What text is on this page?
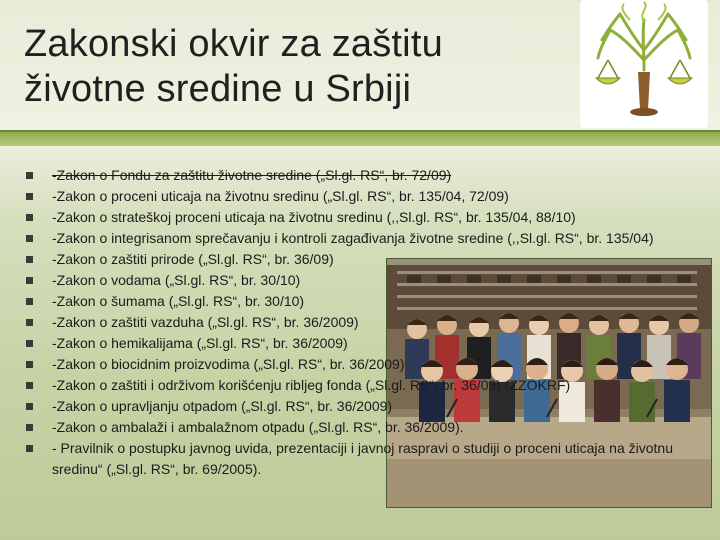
Zakonski okvir za zaštitu životne sredine u Srbiji
-Zakon o Fondu za zaštitu životne sredine („Sl.gl. RS“, br. 72/09)
-Zakon o proceni uticaja na životnu sredinu („Sl.gl. RS“, br. 135/04, 72/09)
-Zakon o strateškoj proceni uticaja na životnu sredinu (,,Sl.gl. RS“, br. 135/04, 88/10)
-Zakon o integrisanom sprečavanju i kontroli zagađivanja životne sredine (,,Sl.gl. RS“, br. 135/04)
-Zakon o zaštiti prirode („Sl.gl. RS“, br. 36/09)
-Zakon o vodama („Sl.gl. RS“, br. 30/10)
-Zakon o šumama („Sl.gl. RS“, br. 30/10)
-Zakon o zaštiti vazduha („Sl.gl. RS“, br. 36/2009)
-Zakon o hemikalijama („Sl.gl. RS“, br. 36/2009)
-Zakon o biocidnim proizvodima („Sl.gl. RS“, br. 36/2009)
-Zakon o zaštiti i održivom korišćenju ribljeg fonda („Sl.gl. RS“, br. 36/09) (ZZOKRF)
-Zakon o upravljanju otpadom („Sl.gl. RS“, br. 36/2009)
-Zakon o ambalaži i ambalažnom otpadu („Sl.gl. RS“, br. 36/2009).
- Pravilnik o postupku javnog uvida, prezentaciji i javnoj raspravi o studiji o proceni uticaja na životnu sredinu“ („Sl.gl. RS“, br. 69/2005).
